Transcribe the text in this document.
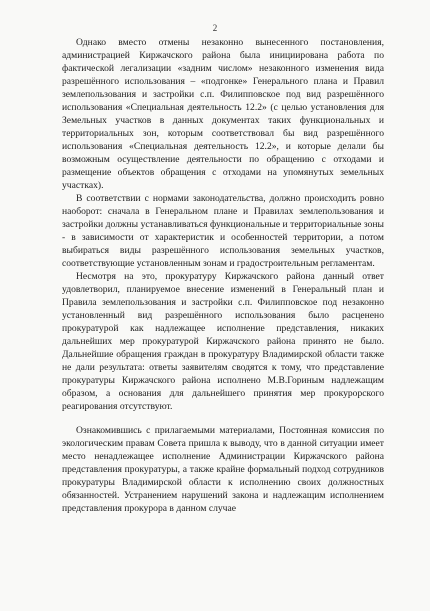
2

Однако вместо отмены незаконно вынесенного постановления, администрацией Киржачского района была инициирована работа по фактической легализации «задним числом» незаконного изменения вида разрешённого использования – «подгонке» Генерального плана и Правил землепользования и застройки с.п. Филипповское под вид разрешённого использования «Специальная деятельность 12.2» (с целью установления для Земельных участков в данных документах таких функциональных и территориальных зон, которым соответствовал бы вид разрешённого использования «Специальная деятельность 12.2», и которые делали бы возможным осуществление деятельности по обращению с отходами и размещение объектов обращения с отходами на упомянутых земельных участках).

В соответствии с нормами законодательства, должно происходить ровно наоборот: сначала в Генеральном плане и Правилах землепользования и застройки должны устанавливаться функциональные и территориальные зоны - в зависимости от характеристик и особенностей территории, а потом выбираться виды разрешённого использования земельных участков, соответствующие установленным зонам и градостроительным регламентам.

Несмотря на это, прокуратуру Киржачского района данный ответ удовлетворил, планируемое внесение изменений в Генеральный план и Правила землепользования и застройки с.п. Филипповское под незаконно установленный вид разрешённого использования было расценено прокуратурой как надлежащее исполнение представления, никаких дальнейших мер прокуратурой Киржачского района принято не было. Дальнейшие обращения граждан в прокуратуру Владимирской области также не дали результата: ответы заявителям сводятся к тому, что представление прокуратуры Киржачского района исполнено М.В.Гориным надлежащим образом, а основания для дальнейшего принятия мер прокурорского реагирования отсутствуют.

Ознакомившись с прилагаемыми материалами, Постоянная комиссия по экологическим правам Совета пришла к выводу, что в данной ситуации имеет место ненадлежащее исполнение Администрации Киржачского района представления прокуратуры, а также крайне формальный подход сотрудников прокуратуры Владимирской области к исполнению своих должностных обязанностей. Устранением нарушений закона и надлежащим исполнением представления прокурора в данном случае
